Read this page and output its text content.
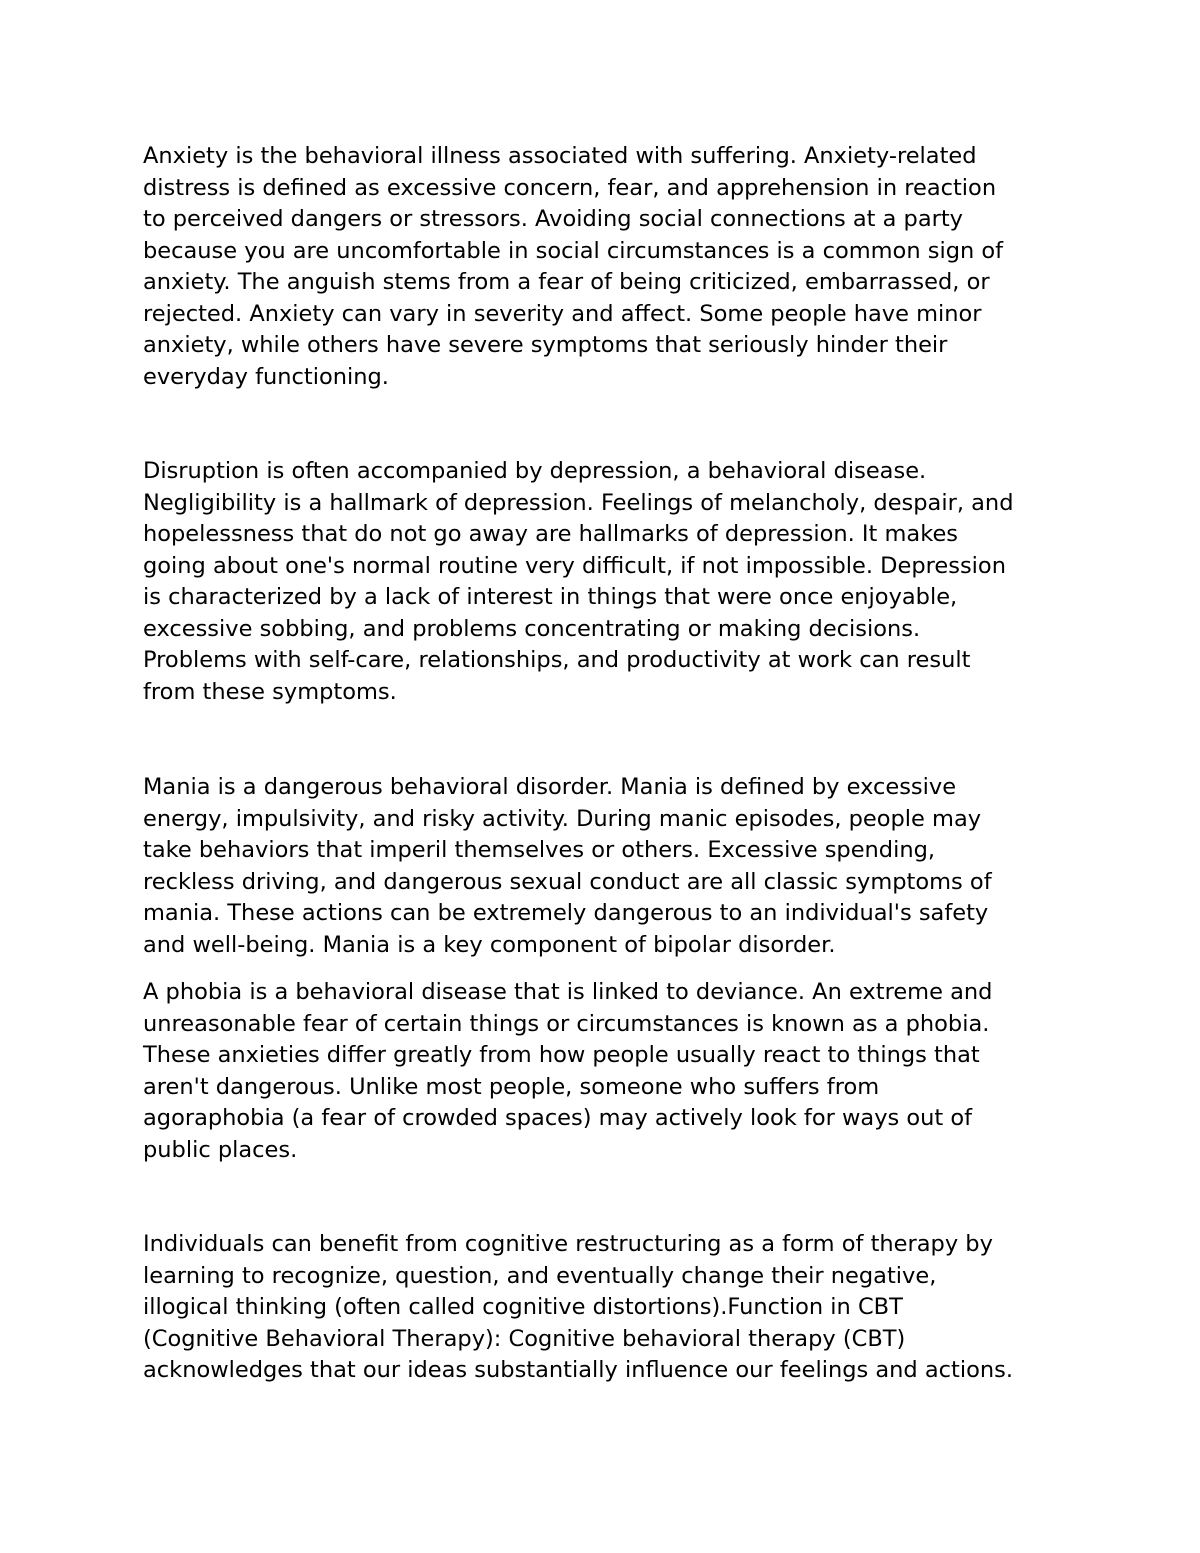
Anxiety is the behavioral illness associated with suffering. Anxiety-related
distress is defined as excessive concern, fear, and apprehension in reaction
to perceived dangers or stressors. Avoiding social connections at a party
because you are uncomfortable in social circumstances is a common sign of
anxiety. The anguish stems from a fear of being criticized, embarrassed, or
rejected. Anxiety can vary in severity and affect. Some people have minor
anxiety, while others have severe symptoms that seriously hinder their
everyday functioning.

Disruption is often accompanied by depression, a behavioral disease.
Negligibility is a hallmark of depression. Feelings of melancholy, despair, and
hopelessness that do not go away are hallmarks of depression. It makes
going about one's normal routine very difficult, if not impossible. Depression
is characterized by a lack of interest in things that were once enjoyable,
excessive sobbing, and problems concentrating or making decisions.
Problems with self-care, relationships, and productivity at work can result
from these symptoms.

Mania is a dangerous behavioral disorder. Mania is defined by excessive
energy, impulsivity, and risky activity. During manic episodes, people may
take behaviors that imperil themselves or others. Excessive spending,
reckless driving, and dangerous sexual conduct are all classic symptoms of
mania. These actions can be extremely dangerous to an individual's safety
and well-being. Mania is a key component of bipolar disorder.

A phobia is a behavioral disease that is linked to deviance. An extreme and
unreasonable fear of certain things or circumstances is known as a phobia.
These anxieties differ greatly from how people usually react to things that
aren't dangerous. Unlike most people, someone who suffers from
agoraphobia (a fear of crowded spaces) may actively look for ways out of
public places.

Individuals can benefit from cognitive restructuring as a form of therapy by
learning to recognize, question, and eventually change their negative,
illogical thinking (often called cognitive distortions).Function in CBT
(Cognitive Behavioral Therapy): Cognitive behavioral therapy (CBT)
acknowledges that our ideas substantially influence our feelings and actions.
